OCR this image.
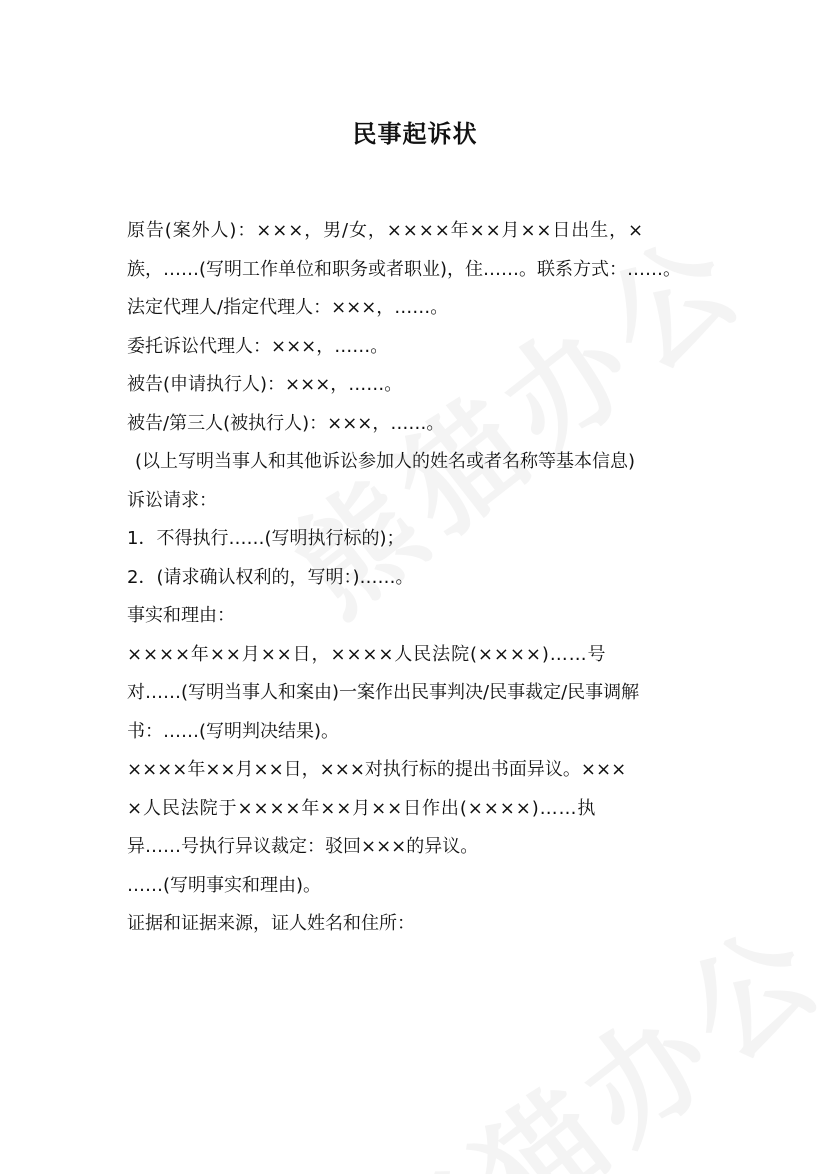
民事起诉状
原告(案外人)：×××，男/女，××××年××月××日出生，×
族，……(写明工作单位和职务或者职业)，住……。联系方式：……。
法定代理人/指定代理人：×××，……。
委托诉讼代理人：×××，……。
被告(申请执行人)：×××，……。
被告/第三人(被执行人)：×××，……。
(以上写明当事人和其他诉讼参加人的姓名或者名称等基本信息)
诉讼请求：
1．不得执行……(写明执行标的)；
2．(请求确认权利的，写明：)……。
事实和理由：
××××年××月××日，××××人民法院(××××)……号
对……(写明当事人和案由)一案作出民事判决/民事裁定/民事调解
书：……(写明判决结果)。
××××年××月××日，×××对执行标的提出书面异议。×××
×人民法院于××××年××月××日作出(××××)……执
异……号执行异议裁定：驳回×××的异议。
……(写明事实和理由)。
证据和证据来源，证人姓名和住所：
